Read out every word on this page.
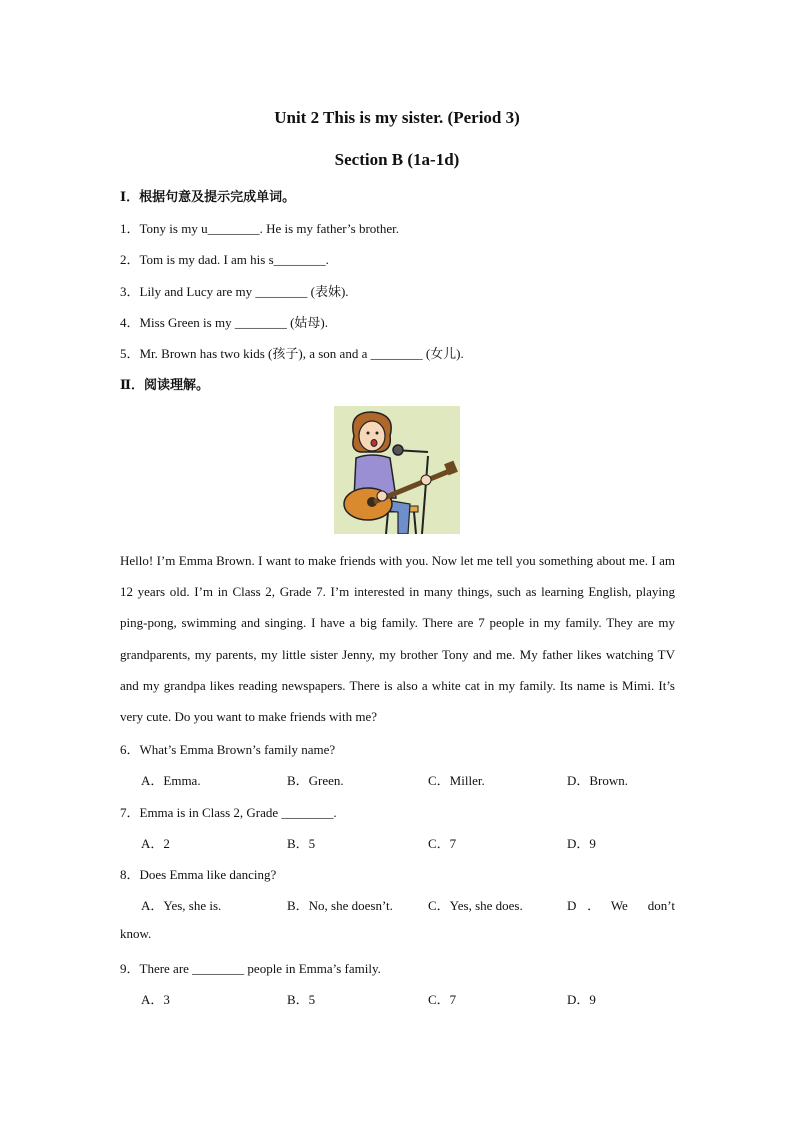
Unit 2 This is my sister. (Period 3)
Section B (1a-1d)
Ⅰ．根据句意及提示完成单词。
1．Tony is my u________. He is my father’s brother.
2．Tom is my dad. I am his s________.
3．Lily and Lucy are my ________ (表妹).
4．Miss Green is my ________ (姑母).
5．Mr. Brown has two kids (孩子), a son and a ________ (女儿).
Ⅱ．阅读理解。
Hello! I’m Emma Brown. I want to make friends with you. Now let me tell you something about me. I am 12 years old. I’m in Class 2, Grade 7. I’m interested in many things, such as learning English, playing ping-pong, swimming and singing. I have a big family. There are 7 people in my family. They are my grandparents, my parents, my little sister Jenny, my brother Tony and me. My father likes watching TV and my grandpa likes reading newspapers. There is also a white cat in my family. Its name is Mimi. It’s very cute. Do you want to make friends with me?
6．What’s Emma Brown’s family name?
A．Emma.	B．Green.	C．Miller.	D．Brown.
7．Emma is in Class 2, Grade ________.
A．2	B．5	C．7	D．9
8．Does Emma like dancing?
A．Yes, she is.	B．No, she doesn’t.	C．Yes, she does.	D．We don’t
know.
9．There are ________ people in Emma’s family.
A．3	B．5	C．7	D．9
